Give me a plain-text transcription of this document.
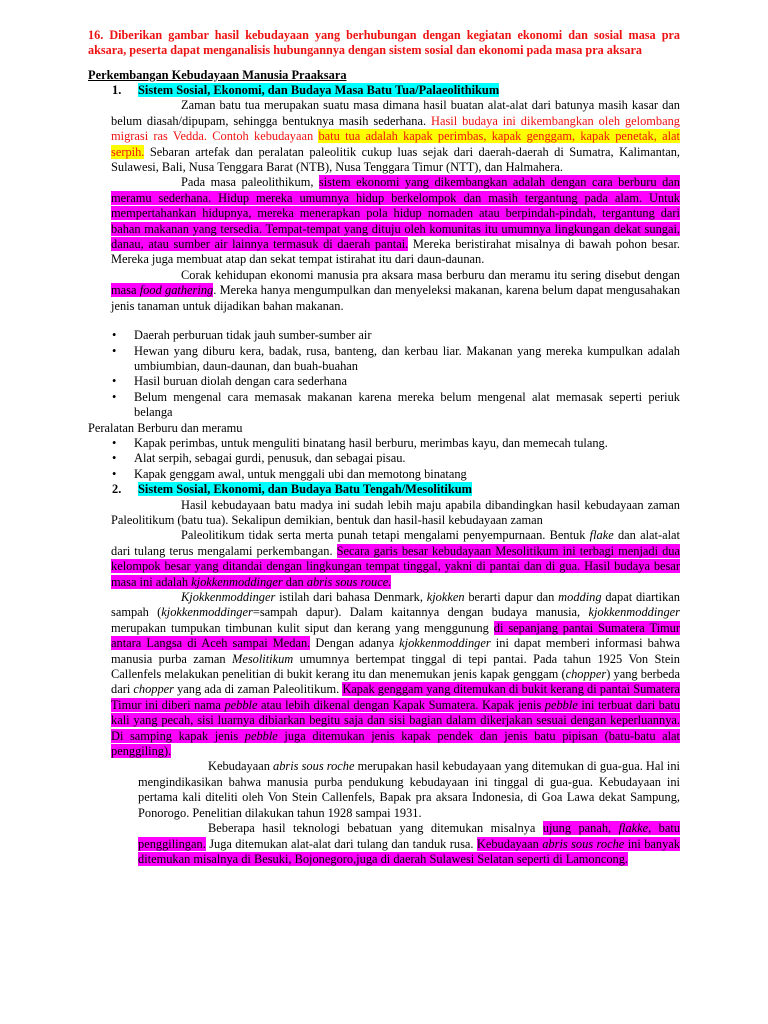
16. Diberikan gambar hasil kebudayaan yang berhubungan dengan kegiatan ekonomi dan sosial masa pra aksara, peserta dapat menganalisis hubungannya dengan sistem sosial dan ekonomi pada masa pra aksara

Perkembangan Kebudayaan Manusia Praaksara

1. Sistem Sosial, Ekonomi, dan Budaya Masa Batu Tua/Palaeolithikum

Zaman batu tua merupakan suatu masa dimana hasil buatan alat-alat dari batunya masih kasar dan belum diasah/dipupam, sehingga bentuknya masih sederhana. Hasil budaya ini dikembangkan oleh gelombang migrasi ras Vedda. Contoh kebudayaan batu tua adalah kapak perimbas, kapak genggam, kapak penetak, alat serpih. Sebaran artefak dan peralatan paleolitik cukup luas sejak dari daerah-daerah di Sumatra, Kalimantan, Sulawesi, Bali, Nusa Tenggara Barat (NTB), Nusa Tenggara Timur (NTT), dan Halmahera.

Pada masa paleolithikum, sistem ekonomi yang dikembangkan adalah dengan cara berburu dan meramu sederhana. Hidup mereka umumnya hidup berkelompok dan masih tergantung pada alam. Untuk mempertahankan hidupnya, mereka menerapkan pola hidup nomaden atau berpindah-pindah, tergantung dari bahan makanan yang tersedia. Tempat-tempat yang dituju oleh komunitas itu umumnya lingkungan dekat sungai, danau, atau sumber air lainnya termasuk di daerah pantai. Mereka beristirahat misalnya di bawah pohon besar. Mereka juga membuat atap dan sekat tempat istirahat itu dari daun-daunan.

Corak kehidupan ekonomi manusia pra aksara masa berburu dan meramu itu sering disebut dengan masa food gathering. Mereka hanya mengumpulkan dan menyeleksi makanan, karena belum dapat mengusahakan jenis tanaman untuk dijadikan bahan makanan.

• Daerah perburuan tidak jauh sumber-sumber air
• Hewan yang diburu kera, badak, rusa, banteng, dan kerbau liar. Makanan yang mereka kumpulkan adalah umbiumbian, daun-daunan, dan buah-buahan
• Hasil buruan diolah dengan cara sederhana
• Belum mengenal cara memasak makanan karena mereka belum mengenal alat memasak seperti periuk belanga

Peralatan Berburu dan meramu

• Kapak perimbas, untuk menguliti binatang hasil berburu, merimbas kayu, dan memecah tulang.
• Alat serpih, sebagai gurdi, penusuk, dan sebagai pisau.
• Kapak genggam awal, untuk menggali ubi dan memotong binatang
2. Sistem Sosial, Ekonomi, dan Budaya Batu Tengah/Mesolitikum

Hasil kebudayaan batu madya ini sudah lebih maju apabila dibandingkan hasil kebudayaan zaman Paleolitikum (batu tua). Sekalipun demikian, bentuk dan hasil-hasil kebudayaan zaman

Paleolitikum tidak serta merta punah tetapi mengalami penyempurnaan. Bentuk flake dan alat-alat dari tulang terus mengalami perkembangan. Secara garis besar kebudayaan Mesolitikum ini terbagi menjadi dua kelompok besar yang ditandai dengan lingkungan tempat tinggal, yakni di pantai dan di gua. Hasil budaya besar masa ini adalah kjokkenmoddinger dan abris sous rouce.

Kjokkenmoddinger istilah dari bahasa Denmark, kjokken berarti dapur dan modding dapat diartikan sampah (kjokkenmoddinger=sampah dapur). Dalam kaitannya dengan budaya manusia, kjokkenmoddinger merupakan tumpukan timbunan kulit siput dan kerang yang menggunung di sepanjang pantai Sumatera Timur antara Langsa di Aceh sampai Medan. Dengan adanya kjokkenmoddinger ini dapat memberi informasi bahwa manusia purba zaman Mesolitikum umumnya bertempat tinggal di tepi pantai. Pada tahun 1925 Von Stein Callenfels melakukan penelitian di bukit kerang itu dan menemukan jenis kapak genggam (chopper) yang berbeda dari chopper yang ada di zaman Paleolitikum. Kapak genggam yang ditemukan di bukit kerang di pantai Sumatera Timur ini diberi nama pebble atau lebih dikenal dengan Kapak Sumatera. Kapak jenis pebble ini terbuat dari batu kali yang pecah, sisi luarnya dibiarkan begitu saja dan sisi bagian dalam dikerjakan sesuai dengan keperluannya. Di samping kapak jenis pebble juga ditemukan jenis kapak pendek dan jenis batu pipisan (batu-batu alat penggiling).

Kebudayaan abris sous roche merupakan hasil kebudayaan yang ditemukan di gua-gua. Hal ini mengindikasikan bahwa manusia purba pendukung kebudayaan ini tinggal di gua-gua. Kebudayaan ini pertama kali diteliti oleh Von Stein Callenfels, Bapak pra aksara Indonesia, di Goa Lawa dekat Sampung, Ponorogo. Penelitian dilakukan tahun 1928 sampai 1931.

Beberapa hasil teknologi bebatuan yang ditemukan misalnya ujung panah, flakke, batu penggilingan. Juga ditemukan alat-alat dari tulang dan tanduk rusa. Kebudayaan abris sous roche ini banyak ditemukan misalnya di Besuki, Bojonegoro,juga di daerah Sulawesi Selatan seperti di Lamoncong.
